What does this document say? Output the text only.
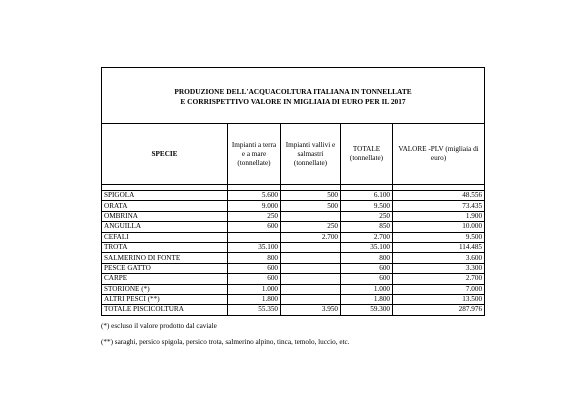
PRODUZIONE DELL'ACQUACOLTURA ITALIANA IN TONNELLATE
E CORRISPETTIVO VALORE IN MIGLIAIA DI EURO PER IL 2017				

SPECIE	Impianti a terra e a mare (tonnellate)	Impianti vallivi e salmastri (tonnellate)	TOTALE (tonnellate)	VALORE -PLV (migliaia di euro)

SPIGOLA	5.600	500	6.100	48.556
ORATA	9.000	500	9.500	73.435
OMBRINA	250		250	1.900
ANGUILLA	600	250	850	10.000
CEFALI		2.700	2.700	9.500
TROTA	35.100		35.100	114.485
SALMERINO DI FONTE	800		800	3.600
PESCE GATTO	600		600	3.300
CARPE	600		600	2.700
STORIONE (*)	1.000		1.000	7.000
ALTRI PESCI (**)	1.800		1.800	13.500
TOTALE PISCICOLTURA	55.350	3.950	59.300	287.976
(*) escluso il valore prodotto dal caviale
(**) saraghi, persico spigola, persico trota, salmerino alpino, tinca, temolo, luccio, etc.
